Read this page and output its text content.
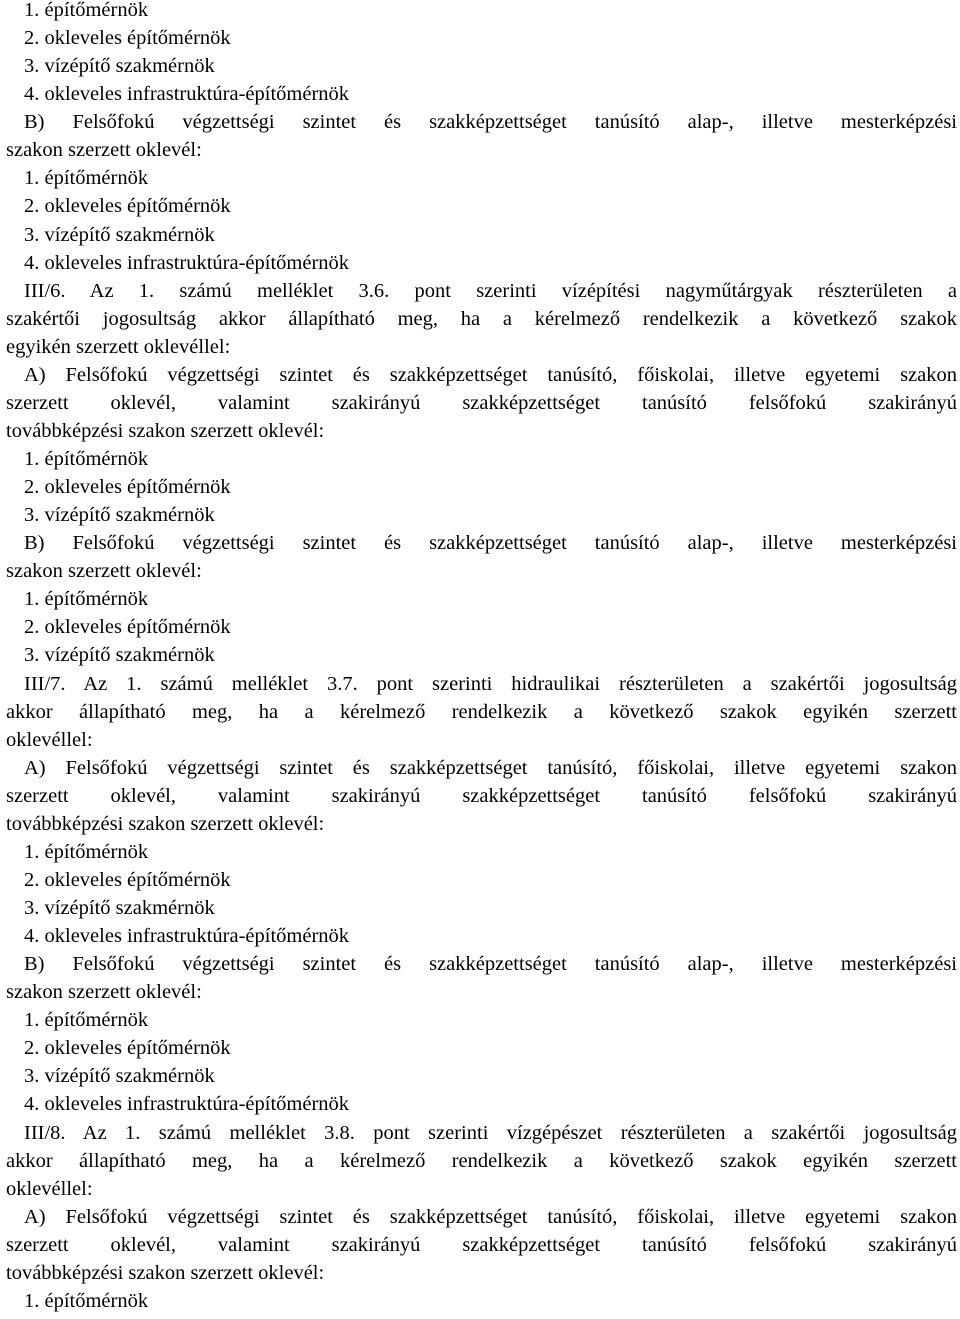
1. építőmérnök
2. okleveles építőmérnök
3. vízépítő szakmérnök
4. okleveles infrastruktúra-építőmérnök
B) Felsőfokú végzettségi szintet és szakképzettséget tanúsító alap-, illetve mesterképzési
szakon szerzett oklevél:
1. építőmérnök
2. okleveles építőmérnök
3. vízépítő szakmérnök
4. okleveles infrastruktúra-építőmérnök
III/6. Az 1. számú melléklet 3.6. pont szerinti vízépítési nagyműtárgyak részterületen a
szakértői jogosultság akkor állapítható meg, ha a kérelmező rendelkezik a következő szakok
egyikén szerzett oklevéllel:
A) Felsőfokú végzettségi szintet és szakképzettséget tanúsító, főiskolai, illetve egyetemi szakon
szerzett oklevél, valamint szakirányú szakképzettséget tanúsító felsőfokú szakirányú
továbbképzési szakon szerzett oklevél:
1. építőmérnök
2. okleveles építőmérnök
3. vízépítő szakmérnök
B) Felsőfokú végzettségi szintet és szakképzettséget tanúsító alap-, illetve mesterképzési
szakon szerzett oklevél:
1. építőmérnök
2. okleveles építőmérnök
3. vízépítő szakmérnök
III/7. Az 1. számú melléklet 3.7. pont szerinti hidraulikai részterületen a szakértői jogosultság
akkor állapítható meg, ha a kérelmező rendelkezik a következő szakok egyikén szerzett
oklevéllel:
A) Felsőfokú végzettségi szintet és szakképzettséget tanúsító, főiskolai, illetve egyetemi szakon
szerzett oklevél, valamint szakirányú szakképzettséget tanúsító felsőfokú szakirányú
továbbképzési szakon szerzett oklevél:
1. építőmérnök
2. okleveles építőmérnök
3. vízépítő szakmérnök
4. okleveles infrastruktúra-építőmérnök
B) Felsőfokú végzettségi szintet és szakképzettséget tanúsító alap-, illetve mesterképzési
szakon szerzett oklevél:
1. építőmérnök
2. okleveles építőmérnök
3. vízépítő szakmérnök
4. okleveles infrastruktúra-építőmérnök
III/8. Az 1. számú melléklet 3.8. pont szerinti vízgépészet részterületen a szakértői jogosultság
akkor állapítható meg, ha a kérelmező rendelkezik a következő szakok egyikén szerzett
oklevéllel:
A) Felsőfokú végzettségi szintet és szakképzettséget tanúsító, főiskolai, illetve egyetemi szakon
szerzett oklevél, valamint szakirányú szakképzettséget tanúsító felsőfokú szakirányú
továbbképzési szakon szerzett oklevél:
1. építőmérnök
